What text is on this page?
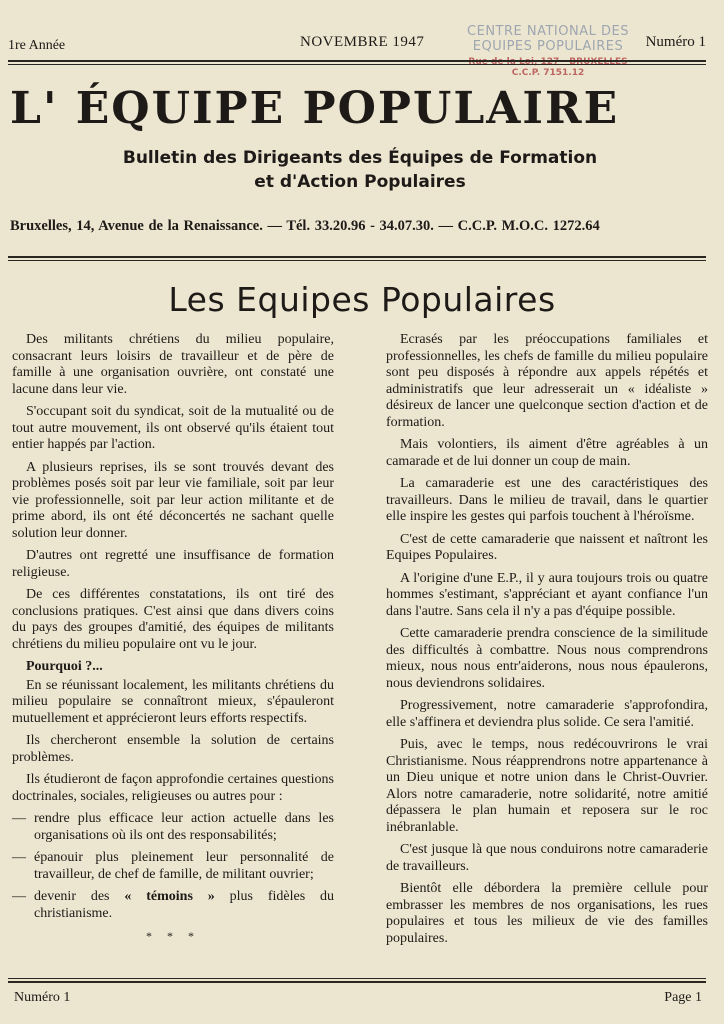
1re Année	NOVEMBRE 1947	Numéro 1
CENTRE NATIONAL DES
EQUIPES POPULAIRES
Rue de la Loi, 127 - BRUXELLES
C.C.P. 7151.12
L' ÉQUIPE POPULAIRE
Bulletin des Dirigeants des Équipes de Formation
et d'Action Populaires
Bruxelles, 14, Avenue de la Renaissance. — Tél. 33.20.96 - 34.07.30. — C.C.P. M.O.C. 1272.64
Les Equipes Populaires

Des militants chrétiens du milieu populaire, consacrant leurs loisirs de travailleur et de père de famille à une organisation ouvrière, ont constaté une lacune dans leur vie.

S'occupant soit du syndicat, soit de la mutualité ou de tout autre mouvement, ils ont observé qu'ils étaient tout entier happés par l'action.

A plusieurs reprises, ils se sont trouvés devant des problèmes posés soit par leur vie familiale, soit par leur vie professionnelle, soit par leur action militante et de prime abord, ils ont été déconcertés ne sachant quelle solution leur donner.

D'autres ont regretté une insuffisance de formation religieuse.

De ces différentes constatations, ils ont tiré des conclusions pratiques. C'est ainsi que dans divers coins du pays des groupes d'amitié, des équipes de militants chrétiens du milieu populaire ont vu le jour.

Pourquoi ?...

En se réunissant localement, les militants chrétiens du milieu populaire se connaîtront mieux, s'épauleront mutuellement et apprécieront leurs efforts respectifs.

Ils chercheront ensemble la solution de certains problèmes.

Ils étudieront de façon approfondie certaines questions doctrinales, sociales, religieuses ou autres pour :

— rendre plus efficace leur action actuelle dans les organisations où ils ont des responsabilités;
— épanouir plus pleinement leur personnalité de travailleur, de chef de famille, de militant ouvrier;
— devenir des « témoins » plus fidèles du christianisme.
* * *

Ecrasés par les préoccupations familiales et professionnelles, les chefs de famille du milieu populaire sont peu disposés à répondre aux appels répétés et administratifs que leur adresserait un « idéaliste » désireux de lancer une quelconque section d'action et de formation.

Mais volontiers, ils aiment d'être agréables à un camarade et de lui donner un coup de main.

La camaraderie est une des caractéristiques des travailleurs. Dans le milieu de travail, dans le quartier elle inspire les gestes qui parfois touchent à l'héroïsme.

C'est de cette camaraderie que naissent et naîtront les Equipes Populaires.

A l'origine d'une E.P., il y aura toujours trois ou quatre hommes s'estimant, s'appréciant et ayant confiance l'un dans l'autre. Sans cela il n'y a pas d'équipe possible.

Cette camaraderie prendra conscience de la similitude des difficultés à combattre. Nous nous comprendrons mieux, nous nous entr'aiderons, nous nous épaulerons, nous deviendrons solidaires.

Progressivement, notre camaraderie s'approfondira, elle s'affinera et deviendra plus solide. Ce sera l'amitié.

Puis, avec le temps, nous redécouvrirons le vrai Christianisme. Nous réapprendrons notre appartenance à un Dieu unique et notre union dans le Christ-Ouvrier. Alors notre camaraderie, notre solidarité, notre amitié dépassera le plan humain et reposera sur le roc inébranlable.

C'est jusque là que nous conduirons notre camaraderie de travailleurs.

Bientôt elle débordera la première cellule pour embrasser les membres de nos organisations, les rues populaires et tous les milieux de vie des familles populaires.

Numéro 1	Page 1
